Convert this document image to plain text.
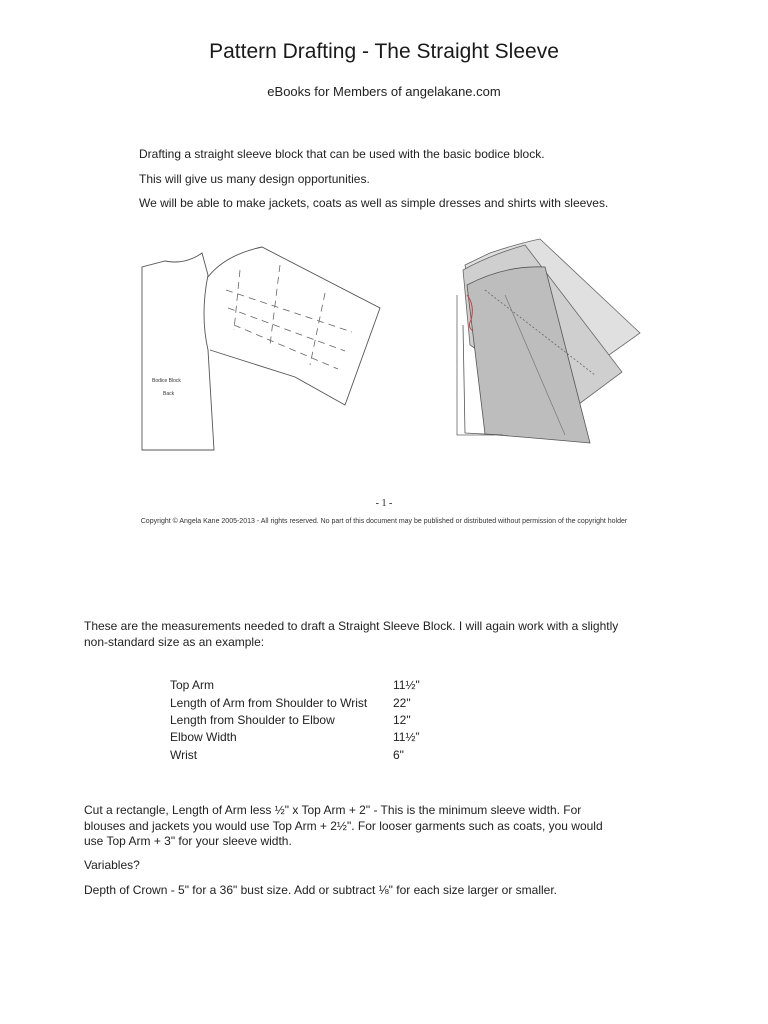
Pattern Drafting - The Straight Sleeve
eBooks for Members of angelakane.com
Drafting a straight sleeve block that can be used with the basic bodice block.
This will give us many design opportunities.
We will be able to make jackets, coats as well as simple dresses and shirts with sleeves.
Bodice Block
Back
- 1 -
Copyright © Angela Kane 2005-2013 - All rights reserved. No part of this document may be published or distributed without permission of the copyright holder
These are the measurements needed to draft a Straight Sleeve Block. I will again work with a slightly non-standard size as an example:
Top Arm	11½"
Length of Arm from Shoulder to Wrist 22"
Length from Shoulder to Elbow	12"
Elbow Width	11½”
Wrist	6"
Cut a rectangle, Length of Arm less ½" x Top Arm + 2" - This is the minimum sleeve width. For blouses and jackets you would use Top Arm + 2½". For looser garments such as coats, you would use Top Arm + 3" for your sleeve width.
Variables?
Depth of Crown - 5" for a 36" bust size. Add or subtract ⅛" for each size larger or smaller.
